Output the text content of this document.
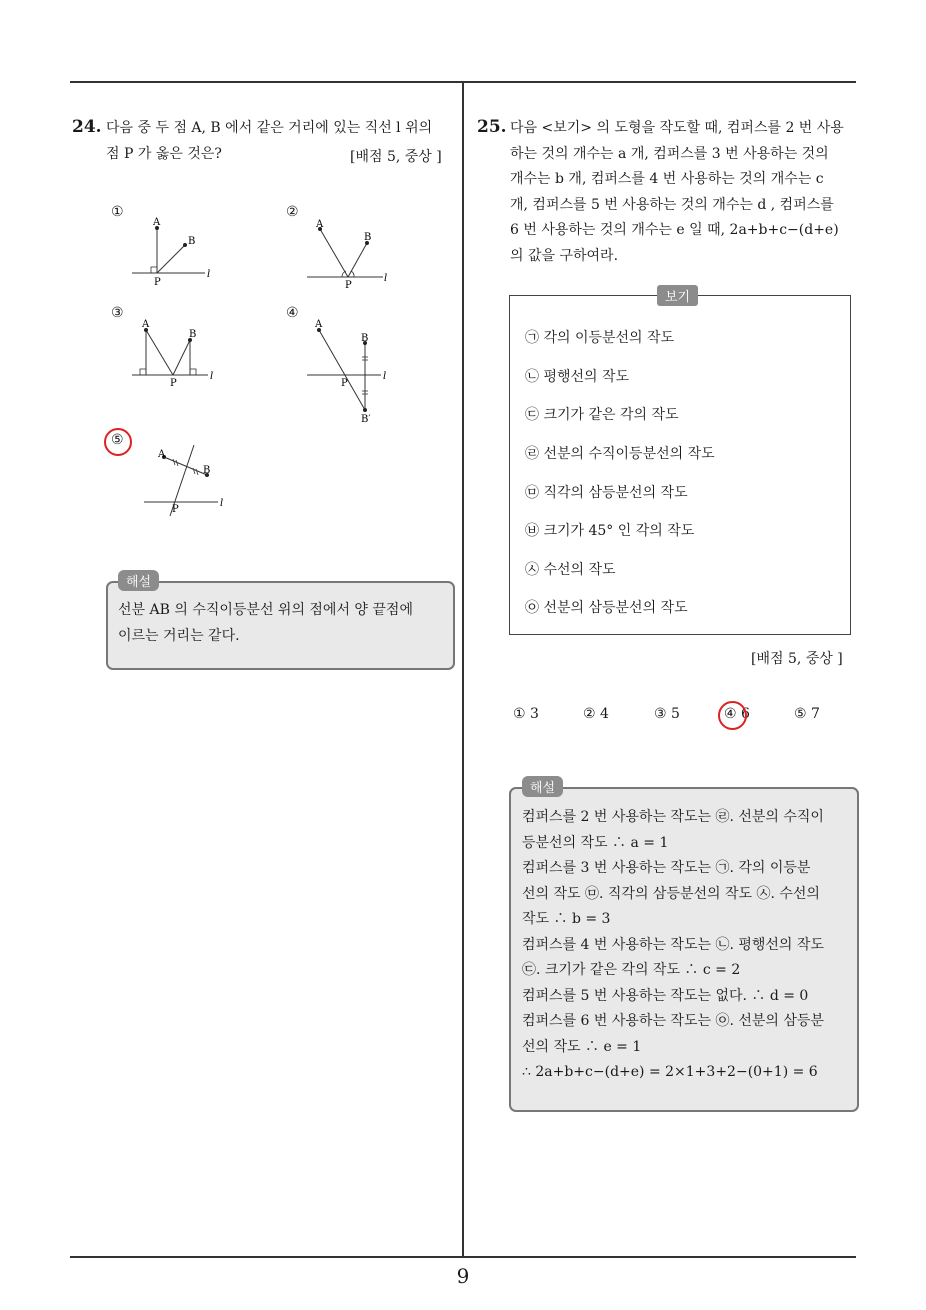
24. 다음 중 두 점 A, B 에서 같은 거리에 있는 직선 l 위의

점 P 가 옳은 것은?	[배점 5, 중상 ]
①
A
B
P
l
②
A
B
P
l
③
A
B
P
l
④
A
B
P
B′
l
⑤
A
B
P
l
해설

선분 AB 의 수직이등분선 위의 점에서 양 끝점에

이르는 거리는 같다.

25. 다음 <보기> 의 도형을 작도할 때, 컴퍼스를 2 번 사용

하는 것의 개수는 a 개, 컴퍼스를 3 번 사용하는 것의

개수는 b 개, 컴퍼스를 4 번 사용하는 것의 개수는 c

개, 컴퍼스를 5 번 사용하는 것의 개수는 d , 컴퍼스를

6 번 사용하는 것의 개수는 e 일 때, 2a+b+c−(d+e)

의 값을 구하여라.

보기
㉠ 각의 이등분선의 작도
㉡ 평행선의 작도
㉢ 크기가 같은 각의 작도
㉣ 선분의 수직이등분선의 작도
㉤ 직각의 삼등분선의 작도
㉥ 크기가 45° 인 각의 작도
㉦ 수선의 작도
㉧ 선분의 삼등분선의 작도
[배점 5, 중상 ]
① 3	② 4	③ 5	④ 6	⑤ 7
해설

컴퍼스를 2 번 사용하는 작도는 ㉣. 선분의 수직이

등분선의 작도 ∴ a = 1

컴퍼스를 3 번 사용하는 작도는 ㉠. 각의 이등분

선의 작도 ㉤. 직각의 삼등분선의 작도 ㉦. 수선의

작도 ∴ b = 3

컴퍼스를 4 번 사용하는 작도는 ㉡. 평행선의 작도

㉢. 크기가 같은 각의 작도 ∴ c = 2

컴퍼스를 5 번 사용하는 작도는 없다. ∴ d = 0

컴퍼스를 6 번 사용하는 작도는 ㉧. 선분의 삼등분

선의 작도 ∴ e = 1

∴ 2a+b+c−(d+e) = 2×1+3+2−(0+1) = 6

9
